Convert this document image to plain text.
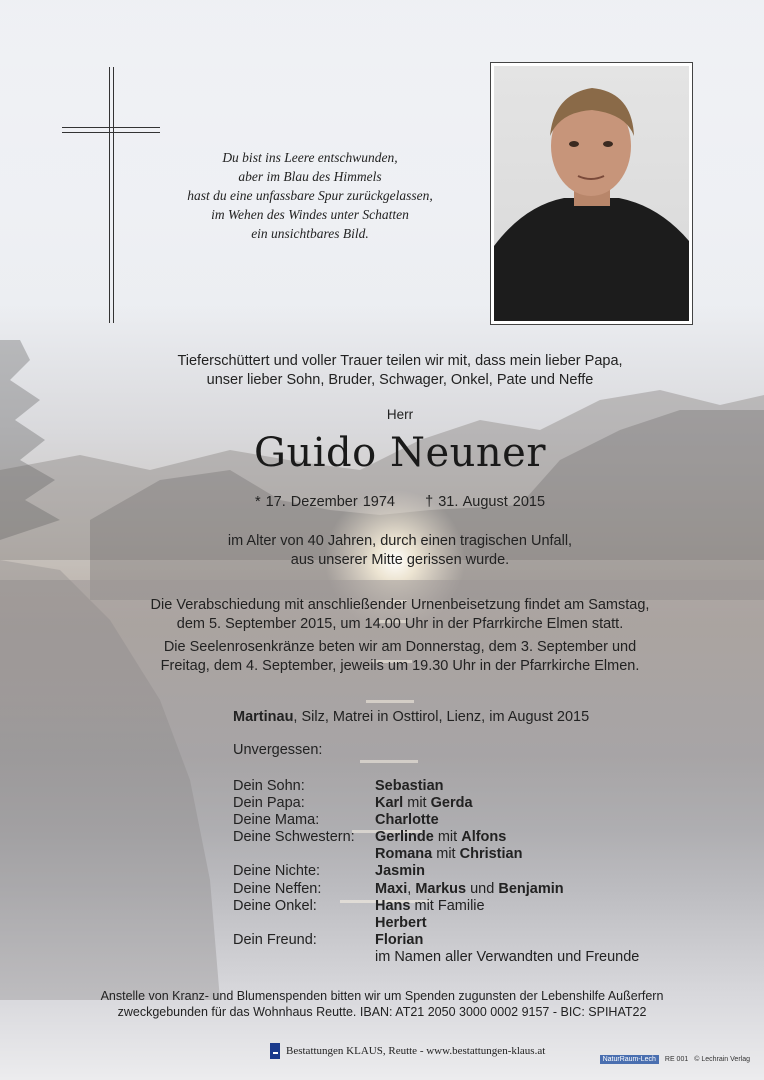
Du bist ins Leere entschwunden,
aber im Blau des Himmels
hast du eine unfassbare Spur zurückgelassen,
im Wehen des Windes unter Schatten
ein unsichtbares Bild.
Tieferschüttert und voller Trauer teilen wir mit, dass mein lieber Papa,
unser lieber Sohn, Bruder, Schwager, Onkel, Pate und Neffe
Herr
Guido Neuner
* 17. Dezember 1974 † 31. August 2015
im Alter von 40 Jahren, durch einen tragischen Unfall,
aus unserer Mitte gerissen wurde.
Die Verabschiedung mit anschließender Urnenbeisetzung findet am Samstag,
dem 5. September 2015, um 14.00 Uhr in der Pfarrkirche Elmen statt.
Die Seelenrosenkränze beten wir am Donnerstag, dem 3. September und
Freitag, dem 4. September, jeweils um 19.30 Uhr in der Pfarrkirche Elmen.
Martinau, Silz, Matrei in Osttirol, Lienz, im August 2015
Unvergessen:
Dein Sohn:	Sebastian
Dein Papa:	Karl mit Gerda
Deine Mama:	Charlotte
Deine Schwestern:	Gerlinde mit Alfons
Romana mit Christian
Deine Nichte:	Jasmin
Deine Neffen:	Maxi, Markus und Benjamin
Deine Onkel:	Hans mit Familie
Herbert
Dein Freund:	Florian
im Namen aller Verwandten und Freunde
Anstelle von Kranz- und Blumenspenden bitten wir um Spenden zugunsten der Lebenshilfe Außerfern
zweckgebunden für das Wohnhaus Reutte. IBAN: AT21 2050 3000 0002 9157 - BIC: SPIHAT22
Bestattungen KLAUS, Reutte - www.bestattungen-klaus.at
NaturRaum-Lech	RE 001 © Lechrain Verlag
